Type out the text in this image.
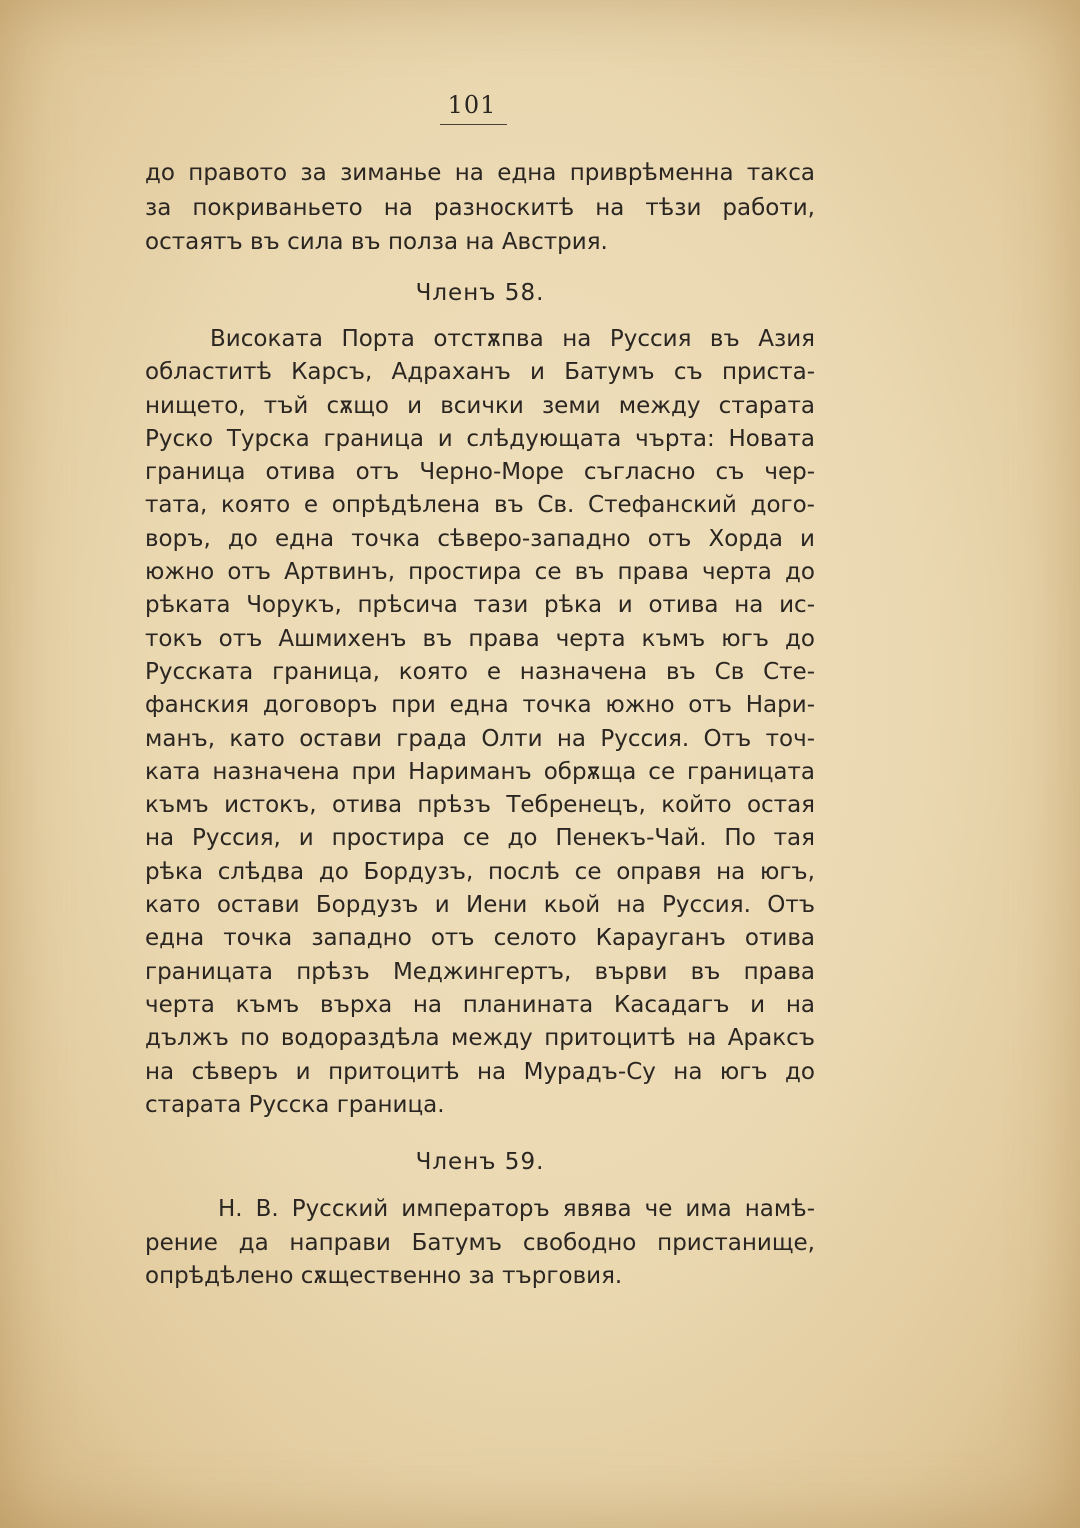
101
до правото за зиманье на една приврѣменна такса
за покриваньето на разноскитѣ на тѣзи работи,
остаятъ въ сила въ полза на Австрия.
Членъ 58.
Високата Порта отстѫпва на Руссия въ Азия
областитѣ Карсъ, Адраханъ и Батумъ съ приста-
нището, тъй сѫщо и всички земи между старата
Руско Турска граница и слѣдующата чърта: Новата
граница отива отъ Черно-Море съгласно съ чер-
тата, която е опрѣдѣлена въ Св. Стефанский дого-
воръ, до една точка сѣверо-западно отъ Хорда и
южно отъ Артвинъ, простира се въ права черта до
рѣката Чорукъ, прѣсича тази рѣка и отива на ис-
токъ отъ Ашмихенъ въ права черта къмъ югъ до
Русската граница, която е назначена въ Св Сте-
фанския договоръ при една точка южно отъ Нари-
манъ, като остави града Олти на Руссия. Отъ точ-
ката назначена при Нариманъ обрѫща се границата
къмъ истокъ, отива прѣзъ Тебренецъ, който остая
на Руссия, и простира се до Пенекъ-Чай. По тая
рѣка слѣдва до Бордузъ, послѣ се оправя на югъ,
като остави Бордузъ и Иени кьой на Руссия. Отъ
една точка западно отъ селото Карауганъ отива
границата прѣзъ Меджингертъ, върви въ права
черта къмъ върха на планината Касадагъ и на
дължъ по водораздѣла между притоцитѣ на Араксъ
на сѣверъ и притоцитѣ на Мурадъ-Су на югъ до
старата Русска граница.
Членъ 59.
Н. В. Русский императоръ явява че има намѣ-
рение да направи Батумъ свободно пристанище,
опрѣдѣлено сѫщественно за търговия.
